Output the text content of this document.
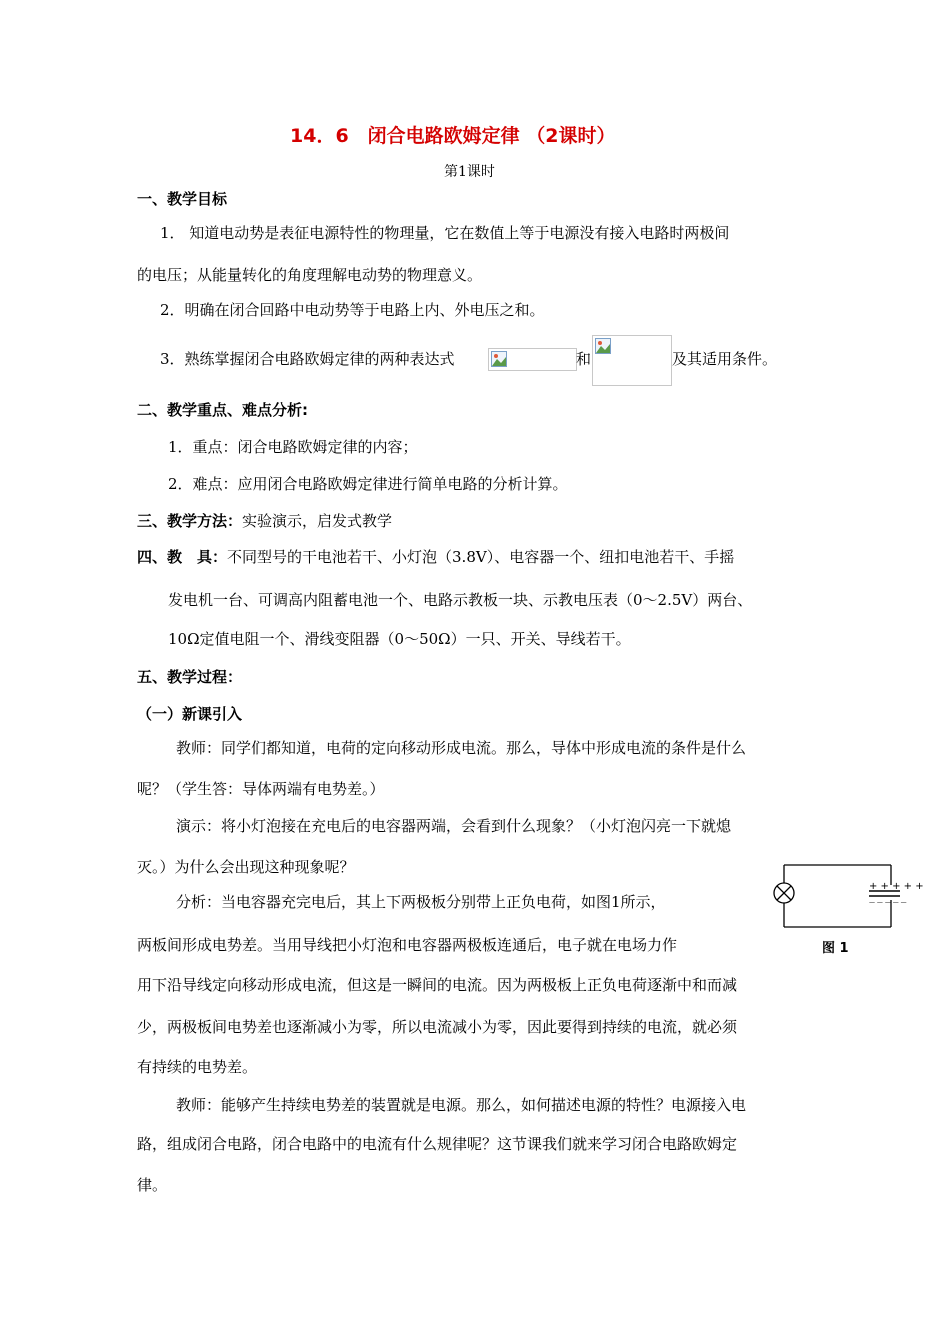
14．6　闭合电路欧姆定律 （2课时）
第1课时
一、教学目标
1． 知道电动势是表征电源特性的物理量，它在数值上等于电源没有接入电路时两极间
的电压；从能量转化的角度理解电动势的物理意义。
2．明确在闭合回路中电动势等于电路上内、外电压之和。
3．熟练掌握闭合电路欧姆定律的两种表达式	和	及其适用条件。
二、教学重点、难点分析:
1．重点：闭合电路欧姆定律的内容；
2．难点：应用闭合电路欧姆定律进行简单电路的分析计算。
三、教学方法：实验演示，启发式教学
四、教　具：不同型号的干电池若干、小灯泡（3.8V）、电容器一个、纽扣电池若干、手摇
发电机一台、可调高内阻蓄电池一个、电路示教板一块、示教电压表（0～2.5V）两台、
10Ω定值电阻一个、滑线变阻器（0～50Ω）一只、开关、导线若干。
五、教学过程：
（一）新课引入
教师：同学们都知道，电荷的定向移动形成电流。那么，导体中形成电流的条件是什么
呢？（学生答：导体两端有电势差。）
演示：将小灯泡接在充电后的电容器两端，会看到什么现象？（小灯泡闪亮一下就熄
灭。）为什么会出现这种现象呢？
分析：当电容器充完电后，其上下两极板分别带上正负电荷，如图1所示，
两板间形成电势差。当用导线把小灯泡和电容器两极板连通后，电子就在电场力作
用下沿导线定向移动形成电流，但这是一瞬间的电流。因为两极板上正负电荷逐渐中和而减
少，两极板间电势差也逐渐减小为零，所以电流减小为零，因此要得到持续的电流，就必须
有持续的电势差。
教师：能够产生持续电势差的装置就是电源。那么，如何描述电源的特性？电源接入电
路，组成闭合电路，闭合电路中的电流有什么规律呢？这节课我们就来学习闭合电路欧姆定
律。
+ + + + +
— — — — —
图 1
